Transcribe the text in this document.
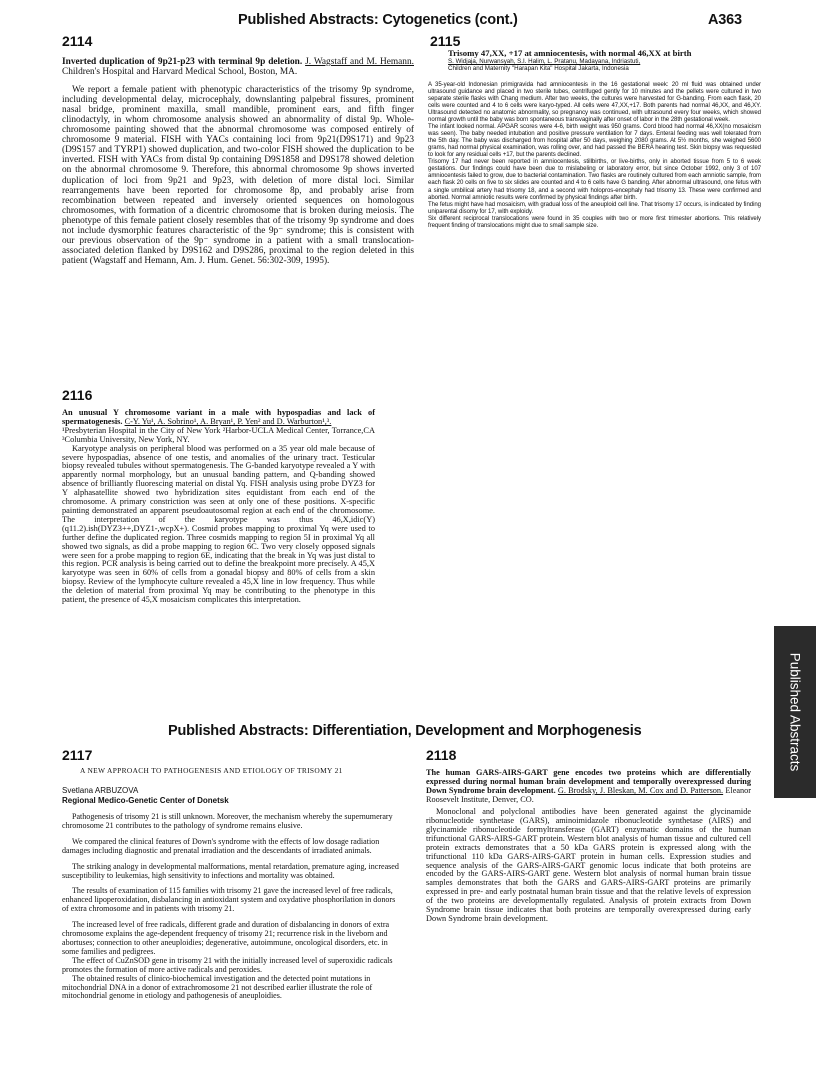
Published Abstracts: Cytogenetics (cont.)	A363
2114

Inverted duplication of 9p21-p23 with terminal 9p deletion. J. Wagstaff and M. Hemann. Children's Hospital and Harvard Medical School, Boston, MA.

We report a female patient with phenotypic characteristics of the trisomy 9p syndrome, including developmental delay, microcephaly, downslanting palpebral fissures, prominent nasal bridge, prominent maxilla, small mandible, prominent ears, and fifth finger clinodactyly, in whom chromosome analysis showed an abnormality of distal 9p. Whole-chromosome painting showed that the abnormal chromosome was composed entirely of chromosome 9 material. FISH with YACs containing loci from 9p21(D9S171) and 9p23 (D9S157 and TYRP1) showed duplication, and two-color FISH showed the duplication to be inverted. FISH with YACs from distal 9p containing D9S1858 and D9S178 showed deletion on the abnormal chromosome 9. Therefore, this abnormal chromosome 9p shows inverted duplication of loci from 9p21 and 9p23, with deletion of more distal loci. Similar rearrangements have been reported for chromosome 8p, and probably arise from recombination between repeated and inversely oriented sequences on homologous chromosomes, with formation of a dicentric chromosome that is broken during meiosis. The phenotype of this female patient closely resembles that of the trisomy 9p syndrome and does not include dysmorphic features characteristic of the 9p⁻ syndrome; this is consistent with our previous observation of the 9p⁻ syndrome in a patient with a small translocation-associated deletion flanked by D9S162 and D9S286, proximal to the region deleted in this patient (Wagstaff and Hemann, Am. J. Hum. Genet. 56:302-309, 1995).

2115
Trisomy 47,XX, +17 at amniocentesis, with normal 46,XX at birth
S. Widjaja, Nurwansyah, S.I. Halim, L. Pratanu, Madayana, Indriastuti,
Children and Maternity "Harapan Kita" Hospital Jakarta, Indonesia

A 35-year-old Indonesian primigravida had amniocentesis in the 16 gestational week: 20 ml fluid was obtained under ultrasound guidance and placed in two sterile tubes, centrifuged gently for 10 minutes and the pellets were cultured in two separate sterile flasks with Chang medium. After two weeks, the cultures were harvested for G-banding. From each flask, 20 cells were counted and 4 to 6 cells were karyo-typed. All cells were 47,XX,+17. Both parents had normal 46,XX, and 46,XY. Ultrasound detected no anatomic abnormality, so pregnancy was continued, with ultrasound every four weeks, which showed normal growth until the baby was born spontaneous transvaginally after onset of labor in the 28th gestational week.

The infant looked normal. APGAR scores were 4-6, birth weight was 950 grams. Cord blood had normal 46,XX(no mosaicism was seen). The baby needed intubation and positive pressure ventilation for 7 days. Enteral feeding was well tolerated from the 5th day. The baby was discharged from hospital after 50 days, weighing 2080 grams. At 5½ months, she weighed 5600 grams, had normal physical examination, was rolling over, and had passed the BERA hearing test. Skin biopsy was requested to look for any residual cells +17, but the parents declined.

Trisomy 17 had never been reported in amniocentesis, stillbirths, or live-births, only in aborted tissue from 5 to 6 week gestations. Our findings could have been due to mislabeling or laboratory error, but since October 1992, only 3 of 107 amniocentesis failed to grow, due to bacterial contamination. Two flasks are routinely cultured from each amniotic sample, from each flask 20 cells on five to six slides are counted and 4 to 6 cells have G banding. After abnormal ultrasound, one fetus with a single umbilical artery had trisomy 18, and a second with holopros-encephaly had trisomy 13. These were confirmed and aborted. Normal amniotic results were confirmed by physical findings after birth.

The fetus might have had mosaicism, with gradual loss of the aneuploid cell line. That trisomy 17 occurs, is indicated by finding uniparental disomy for 17, with exploidy.

Six different reciprocal translocations were found in 35 couples with two or more first trimester abortions. This relatively frequent finding of translocations might due to small sample size.

2116

An unusual Y chromosome variant in a male with hypospadias and lack of spermatogenesis. C-Y. Yu¹, A. Sobrino¹, A. Bryan¹, P. Yen² and D. Warburton¹,³.

¹Presbyterian Hospital in the City of New York ²Harbor-UCLA Medical Center, Torrance,CA ³Columbia University, New York, NY.

Karyotype analysis on peripheral blood was performed on a 35 year old male because of severe hypospadias, absence of one testis, and anomalies of the urinary tract. Testicular biopsy revealed tubules without spermatogenesis. The G-banded karyotype revealed a Y with apparently normal morphology, but an unusual banding pattern, and Q-banding showed absence of brilliantly fluorescing material on distal Yq. FISH analysis using probe DYZ3 for Y alphasatellite showed two hybridization sites equidistant from each end of the chromosome. A primary constriction was seen at only one of these positions. X-specific painting demonstrated an apparent pseudoautosomal region at each end of the chromosome. The interpretation of the karyotype was thus 46,X,idic(Y)(q11.2).ish(DYZ3++,DYZ1-,wcpX+). Cosmid probes mapping to proximal Yq were used to further define the duplicated region. Three cosmids mapping to region 5I in proximal Yq all showed two signals, as did a probe mapping to region 6C. Two very closely opposed signals were seen for a probe mapping to region 6E, indicating that the break in Yq was just distal to this region. PCR analysis is being carried out to define the breakpoint more precisely. A 45,X karyotype was seen in 60% of cells from a gonadal biopsy and 80% of cells from a skin biopsy. Review of the lymphocyte culture revealed a 45,X line in low frequency. Thus while the deletion of material from proximal Yq may be contributing to the phenotype in this patient, the presence of 45,X mosaicism complicates this interpretation.

Published Abstracts
Published Abstracts: Differentiation, Development and Morphogenesis
2117
A NEW APPROACH TO PATHOGENESIS AND ETIOLOGY OF TRISOMY 21
Svetlana ARBUZOVA
Regional Medico-Genetic Center of Donetsk

Pathogenesis of trisomy 21 is still unknown. Moreover, the mechanism whereby the supernumerary chromosome 21 contributes to the pathology of syndrome remains elusive.

We compared the clinical features of Down's syndrome with the effects of low dosage radiation damages including diagnostic and prenatal irradiation and the descendants of irradiated animals.

The striking analogy in developmental malformations, mental retardation, premature aging, increased susceptibility to leukemias, high sensitivity to infections and mortality was obtained.

The results of examination of 115 families with trisomy 21 gave the increased level of free radicals, enhanced lipoperoxidation, disbalancing in antioxidant system and oxydative phosphorilation in donors of extra chromosome and in patients with trisomy 21.

The increased level of free radicals, different grade and duration of disbalancing in donors of extra chromosome explains the age-dependent frequency of trisomy 21; recurrence risk in the liveborn and abortuses; connection to other aneuploidies; degenerative, autoimmune, oncological disorders, etc. in some families and pedigrees.

The effect of CuZnSOD gene in trisomy 21 with the initially increased level of superoxidic radicals promotes the formation of more active radicals and peroxides.

The obtained results of clinico-biochemical investigation and the detected point mutations in mitochondrial DNA in a donor of extrachromosome 21 not described earlier illustrate the role of mitochondrial genome in etiology and pathogenesis of aneuploidies.

2118

The human GARS-AIRS-GART gene encodes two proteins which are differentially expressed during normal human brain development and temporally overexpressed during Down Syndrome brain development. G. Brodsky, J. Bleskan, M. Cox and D. Patterson. Eleanor Roosevelt Institute, Denver, CO.

Monoclonal and polyclonal antibodies have been generated against the glycinamide ribonucleotide synthetase (GARS), aminoimidazole ribonucleotide synthetase (AIRS) and glycinamide ribonucleotide formyltransferase (GART) enzymatic domains of the human trifunctional GARS-AIRS-GART protein. Western blot analysis of human tissue and cultured cell protein extracts demonstrates that a 50 kDa GARS protein is expressed along with the trifunctional 110 kDa GARS-AIRS-GART protein in human cells. Expression studies and sequence analysis of the GARS-AIRS-GART genomic locus indicate that both proteins are encoded by the GARS-AIRS-GART gene. Western blot analysis of normal human brain tissue samples demonstrates that both the GARS and GARS-AIRS-GART proteins are primarily expressed in pre- and early postnatal human brain tissue and that the relative levels of expression of the two proteins are developmentally regulated. Analysis of protein extracts from Down Syndrome brain tissue indicates that both proteins are temporally overexpressed during early Down Syndrome brain development.
